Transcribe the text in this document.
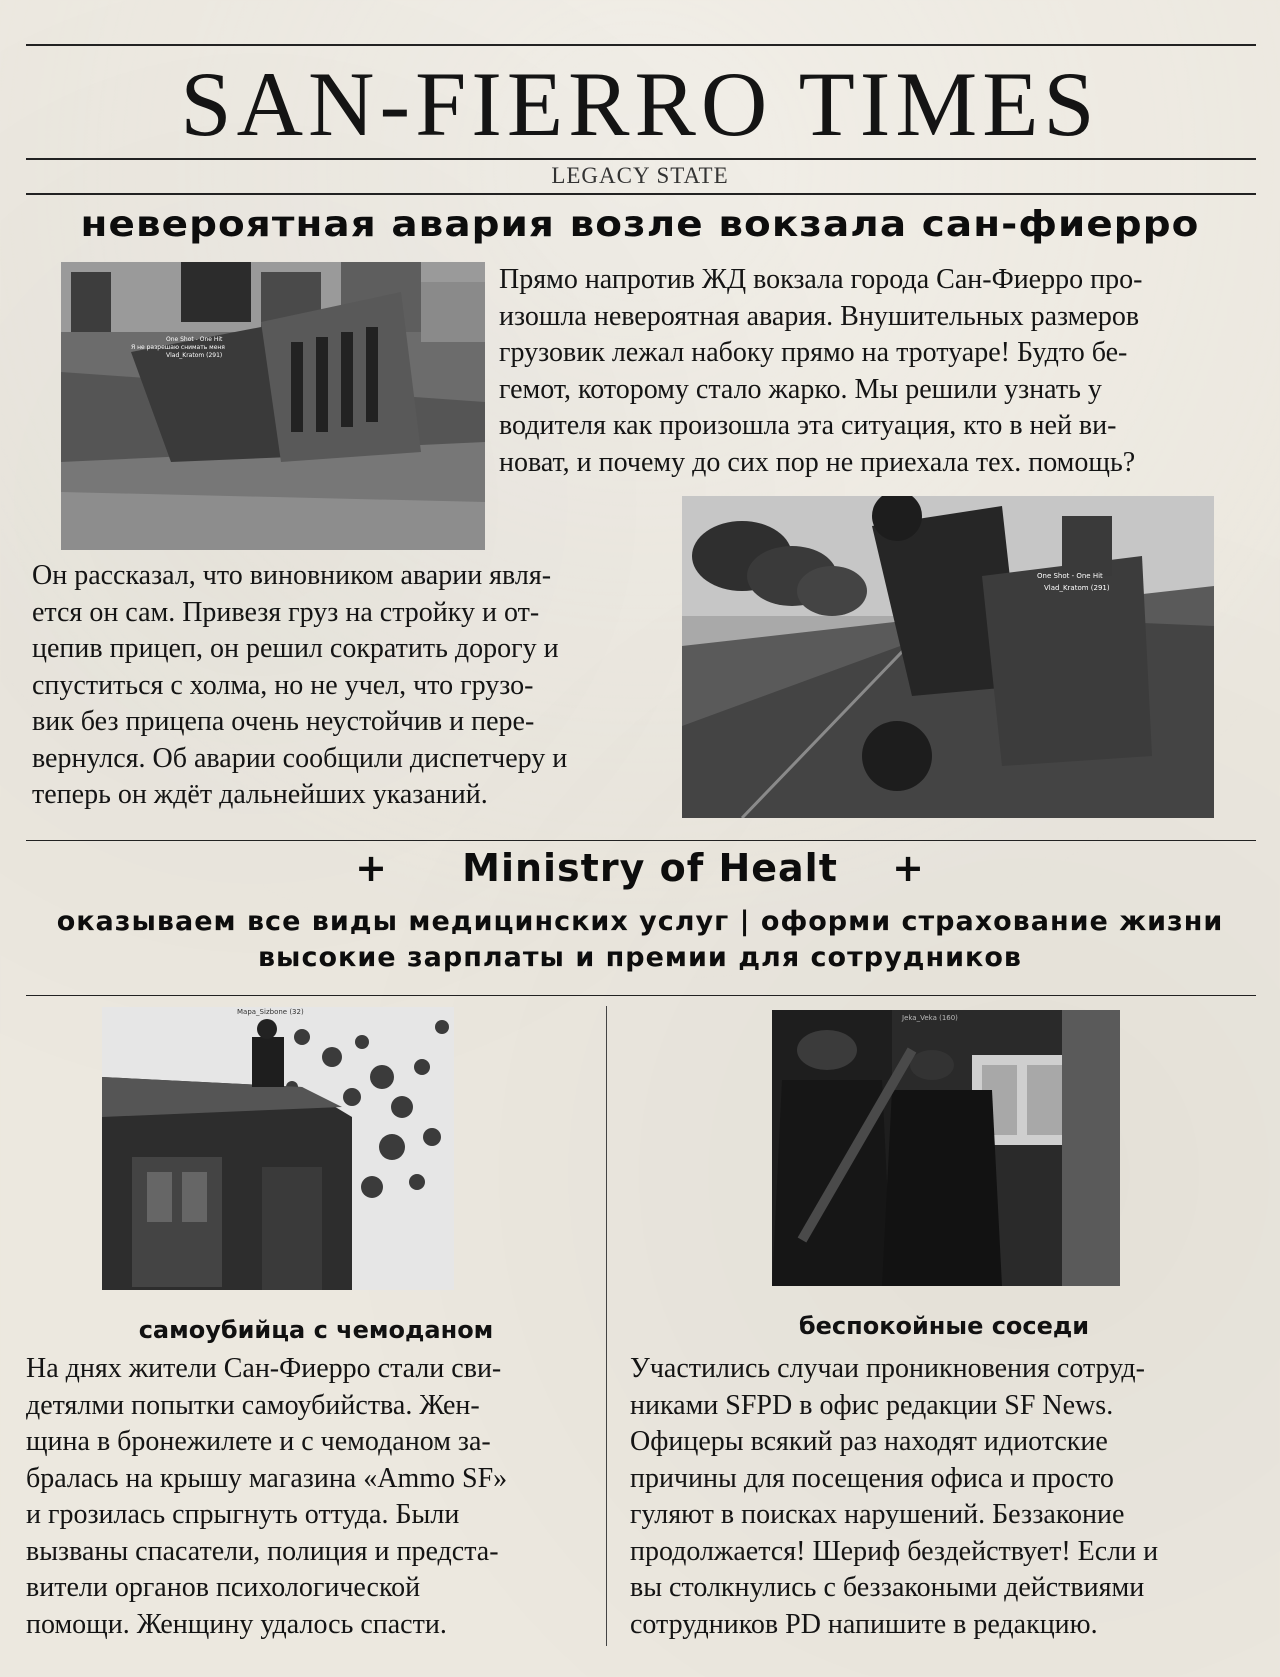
SAN-FIERRO TIMES
LEGACY STATE
невероятная авария возле вокзала сан-фиерро
Vlad_Kratom (291)
Я не разрешаю снимать меня
One Shot - One Hit
Прямо напротив ЖД вокзала города Сан-Фиерро про-
изошла невероятная авария. Внушительных размеров
грузовик лежал набоку прямо на тротуаре! Будто бе-
гемот, которому стало жарко. Мы решили узнать у
водителя как произошла эта ситуация, кто в ней ви-
новат, и почему до сих пор не приехала тех. помощь?
Он рассказал, что виновником аварии явля-
ется он сам. Привезя груз на стройку и от-
цепив прицеп, он решил сократить дорогу и
спуститься с холма, но не учел, что грузо-
вик без прицепа очень неустойчив и пере-
вернулся. Об аварии сообщили диспетчеру и
теперь он ждёт дальнейших указаний.
One Shot - One Hit
Vlad_Kratom (291)
+ Ministry of Healt +
оказываем все виды медицинских услуг | оформи страхование жизни
высокие зарплаты и премии для сотрудников
Mapa_Sizbone (32)
самоубийца с чемоданом
На днях жители Сан-Фиерро стали сви-
детялми попытки самоубийства. Жен-
щина в бронежилете и с чемоданом за-
бралась на крышу магазина «Ammo SF»
и грозилась спрыгнуть оттуда. Были
вызваны спасатели, полиция и предста-
вители органов психологической
помощи. Женщину удалось спасти.
Jeka_Veka (160)
беспокойные соседи
Участились случаи проникновения сотруд-
никами SFPD в офис редакции SF News.
Офицеры всякий раз находят идиотские
причины для посещения офиса и просто
гуляют в поисках нарушений. Беззаконие
продолжается! Шериф бездействует! Если и
вы столкнулись с беззакоными действиями
сотрудников PD напишите в редакцию.
